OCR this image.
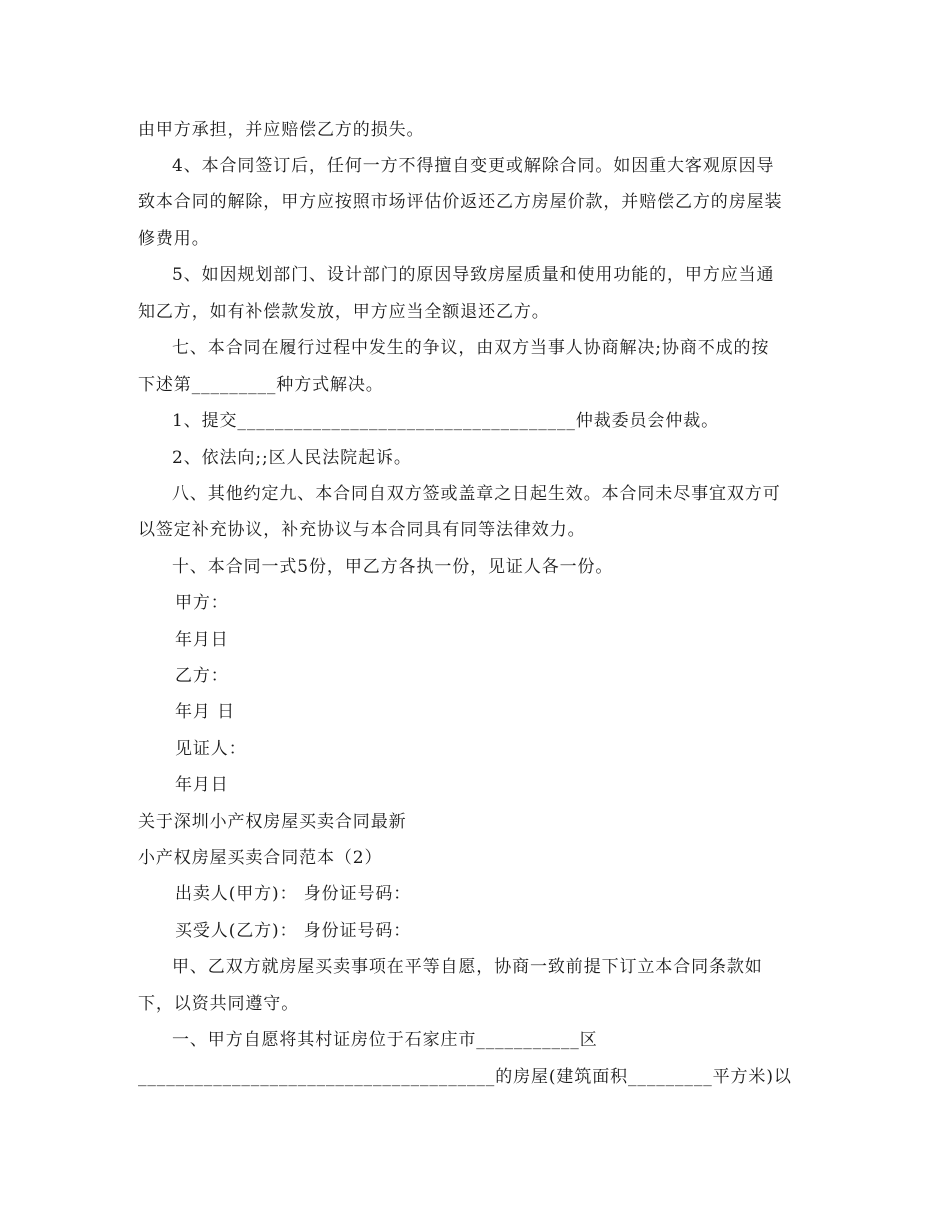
由甲方承担，并应赔偿乙方的损失。
4、本合同签订后，任何一方不得擅自变更或解除合同。如因重大客观原因导
致本合同的解除，甲方应按照市场评估价返还乙方房屋价款，并赔偿乙方的房屋装
修费用。
5、如因规划部门、设计部门的原因导致房屋质量和使用功能的，甲方应当通
知乙方，如有补偿款发放，甲方应当全额退还乙方。
七、本合同在履行过程中发生的争议，由双方当事人协商解决;协商不成的按
下述第_________种方式解决。
1、提交____________________________________仲裁委员会仲裁。
2、依法向;;区人民法院起诉。
八、其他约定九、本合同自双方签或盖章之日起生效。本合同未尽事宜双方可
以签定补充协议，补充协议与本合同具有同等法律效力。
十、本合同一式5份，甲乙方各执一份，见证人各一份。
甲方：
年月日
乙方：
年月 日
见证人：
年月日
关于深圳小产权房屋买卖合同最新
小产权房屋买卖合同范本（2）
出卖人(甲方)： 身份证号码：
买受人(乙方)： 身份证号码：
甲、乙双方就房屋买卖事项在平等自愿，协商一致前提下订立本合同条款如
下，以资共同遵守。
一、甲方自愿将其村证房位于石家庄市___________区
______________________________________的房屋(建筑面积_________平方米)以
